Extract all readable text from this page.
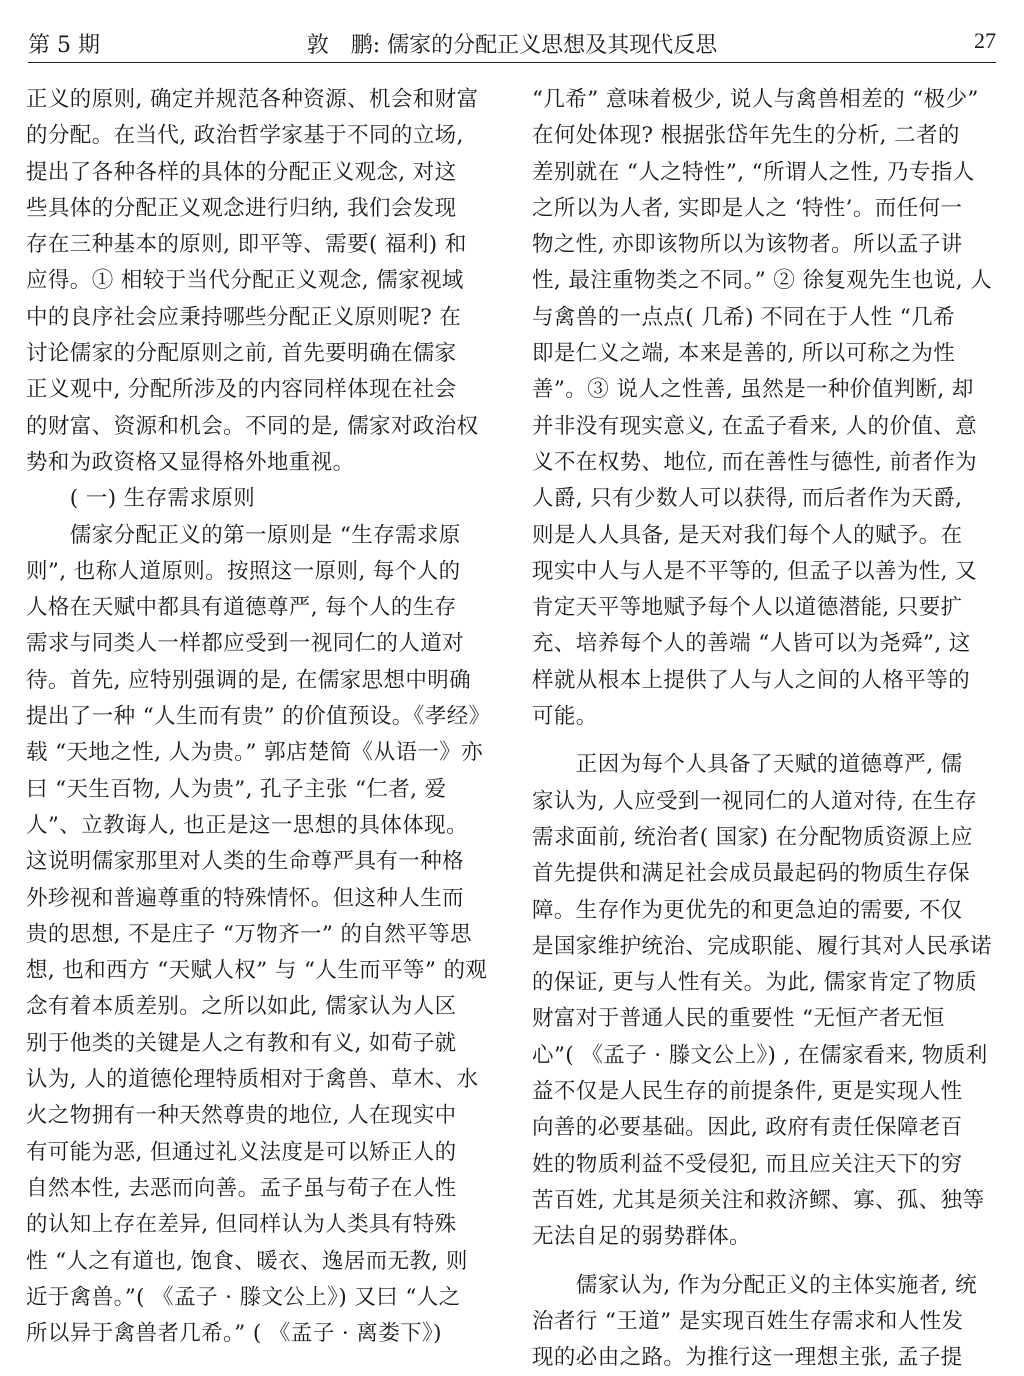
第 5 期	敦　鹏: 儒家的分配正义思想及其现代反思	27
正义的原则, 确定并规范各种资源、机会和财富
的分配。在当代, 政治哲学家基于不同的立场,
提出了各种各样的具体的分配正义观念, 对这
些具体的分配正义观念进行归纳, 我们会发现
存在三种基本的原则, 即平等、需要( 福利) 和
应得。① 相较于当代分配正义观念, 儒家视域
中的良序社会应秉持哪些分配正义原则呢? 在
讨论儒家的分配原则之前, 首先要明确在儒家
正义观中, 分配所涉及的内容同样体现在社会
的财富、资源和机会。不同的是, 儒家对政治权
势和为政资格又显得格外地重视。
　　( 一) 生存需求原则
　　儒家分配正义的第一原则是 “生存需求原
则”, 也称人道原则。按照这一原则, 每个人的
人格在天赋中都具有道德尊严, 每个人的生存
需求与同类人一样都应受到一视同仁的人道对
待。首先, 应特别强调的是, 在儒家思想中明确
提出了一种 “人生而有贵” 的价值预设。《孝经》
载 “天地之性, 人为贵。” 郭店楚简《从语一》亦
曰 “天生百物, 人为贵”, 孔子主张 “仁者, 爱
人”、立教诲人, 也正是这一思想的具体体现。
这说明儒家那里对人类的生命尊严具有一种格
外珍视和普遍尊重的特殊情怀。但这种人生而
贵的思想, 不是庄子 “万物齐一” 的自然平等思
想, 也和西方 “天赋人权” 与 “人生而平等” 的观
念有着本质差别。之所以如此, 儒家认为人区
别于他类的关键是人之有教和有义, 如荀子就
认为, 人的道德伦理特质相对于禽兽、草木、水
火之物拥有一种天然尊贵的地位, 人在现实中
有可能为恶, 但通过礼义法度是可以矫正人的
自然本性, 去恶而向善。孟子虽与荀子在人性
的认知上存在差异, 但同样认为人类具有特殊
性 “人之有道也, 饱食、暖衣、逸居而无教, 则
近于禽兽。”( 《孟子 · 滕文公上》) 又曰 “人之
所以异于禽兽者几希。” ( 《孟子 · 离娄下》)
“几希” 意味着极少, 说人与禽兽相差的 “极少”
在何处体现? 根据张岱年先生的分析, 二者的
差别就在 “人之特性”, “所谓人之性, 乃专指人
之所以为人者, 实即是人之 ‘特性’。而任何一
物之性, 亦即该物所以为该物者。所以孟子讲
性, 最注重物类之不同。” ② 徐复观先生也说, 人
与禽兽的一点点( 几希) 不同在于人性 “几希
即是仁义之端, 本来是善的, 所以可称之为性
善”。③ 说人之性善, 虽然是一种价值判断, 却
并非没有现实意义, 在孟子看来, 人的价值、意
义不在权势、地位, 而在善性与德性, 前者作为
人爵, 只有少数人可以获得, 而后者作为天爵,
则是人人具备, 是天对我们每个人的赋予。在
现实中人与人是不平等的, 但孟子以善为性, 又
肯定天平等地赋予每个人以道德潜能, 只要扩
充、培养每个人的善端 “人皆可以为尧舜”, 这
样就从根本上提供了人与人之间的人格平等的
可能。
　　正因为每个人具备了天赋的道德尊严, 儒
家认为, 人应受到一视同仁的人道对待, 在生存
需求面前, 统治者( 国家) 在分配物质资源上应
首先提供和满足社会成员最起码的物质生存保
障。生存作为更优先的和更急迫的需要, 不仅
是国家维护统治、完成职能、履行其对人民承诺
的保证, 更与人性有关。为此, 儒家肯定了物质
财富对于普通人民的重要性 “无恒产者无恒
心”( 《孟子 · 滕文公上》) , 在儒家看来, 物质利
益不仅是人民生存的前提条件, 更是实现人性
向善的必要基础。因此, 政府有责任保障老百
姓的物质利益不受侵犯, 而且应关注天下的穷
苦百姓, 尤其是须关注和救济鳏、寡、孤、独等
无法自足的弱势群体。
　　儒家认为, 作为分配正义的主体实施者, 统
治者行 “王道” 是实现百姓生存需求和人性发
现的必由之路。为推行这一理想主张, 孟子提
